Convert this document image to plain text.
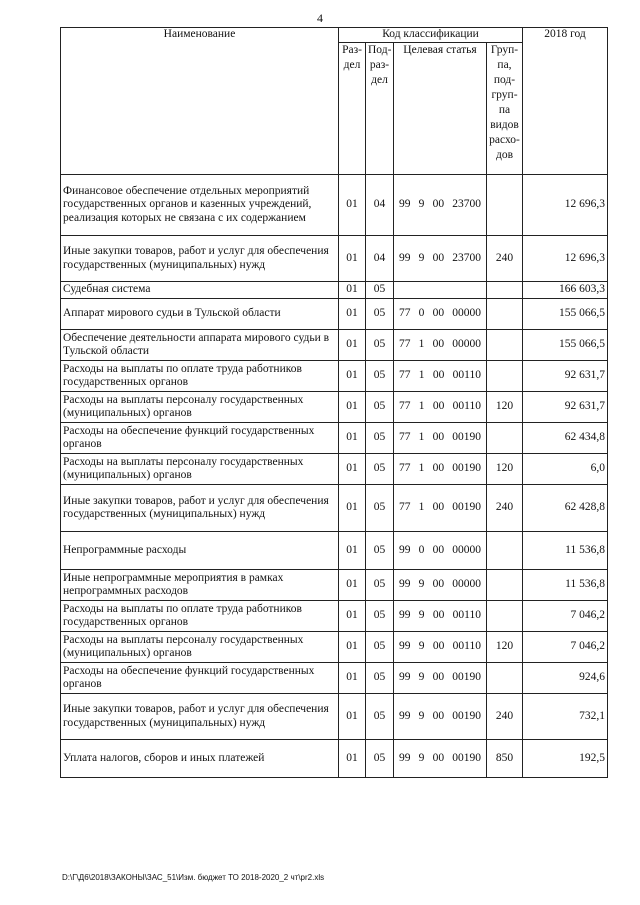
4
Наименование	Код классификации				2018 год
	Раз-дел	Под-раз-дел	Целевая статья	Груп-па, под-груп-па видов расхо-дов	
Финансовое обеспечение отдельных мероприятий государственных органов и казенных учреждений, реализация которых не связана с их содержанием	01	04	99 9 00 23700		12 696,3
Иные закупки товаров, работ и услуг для обеспечения государственных (муниципальных) нужд	01	04	99 9 00 23700	240	12 696,3
Судебная система	01	05			166 603,3
Аппарат мирового судьи в Тульской области	01	05	77 0 00 00000		155 066,5
Обеспечение деятельности аппарата мирового судьи в Тульской области	01	05	77 1 00 00000		155 066,5
Расходы на выплаты по оплате труда работников государственных органов	01	05	77 1 00 00110		92 631,7
Расходы на выплаты персоналу государственных (муниципальных) органов	01	05	77 1 00 00110	120	92 631,7
Расходы на обеспечение функций государственных органов	01	05	77 1 00 00190		62 434,8
Расходы на выплаты персоналу государственных (муниципальных) органов	01	05	77 1 00 00190	120	6,0
Иные закупки товаров, работ и услуг для обеспечения государственных (муниципальных) нужд	01	05	77 1 00 00190	240	62 428,8
Непрограммные расходы	01	05	99 0 00 00000		11 536,8
Иные непрограммные мероприятия в рамках непрограммных расходов	01	05	99 9 00 00000		11 536,8
Расходы на выплаты по оплате труда работников государственных органов	01	05	99 9 00 00110		7 046,2
Расходы на выплаты персоналу государственных (муниципальных) органов	01	05	99 9 00 00110	120	7 046,2
Расходы на обеспечение функций государственных органов	01	05	99 9 00 00190		924,6
Иные закупки товаров, работ и услуг для обеспечения государственных (муниципальных) нужд	01	05	99 9 00 00190	240	732,1
Уплата налогов, сборов и иных платежей	01	05	99 9 00 00190	850	192,5
D:\Г\Д6\2018\ЗАКОНЫ\ЗАС_51\Изм. бюджет ТО 2018-2020_2 чт\pr2.xls
